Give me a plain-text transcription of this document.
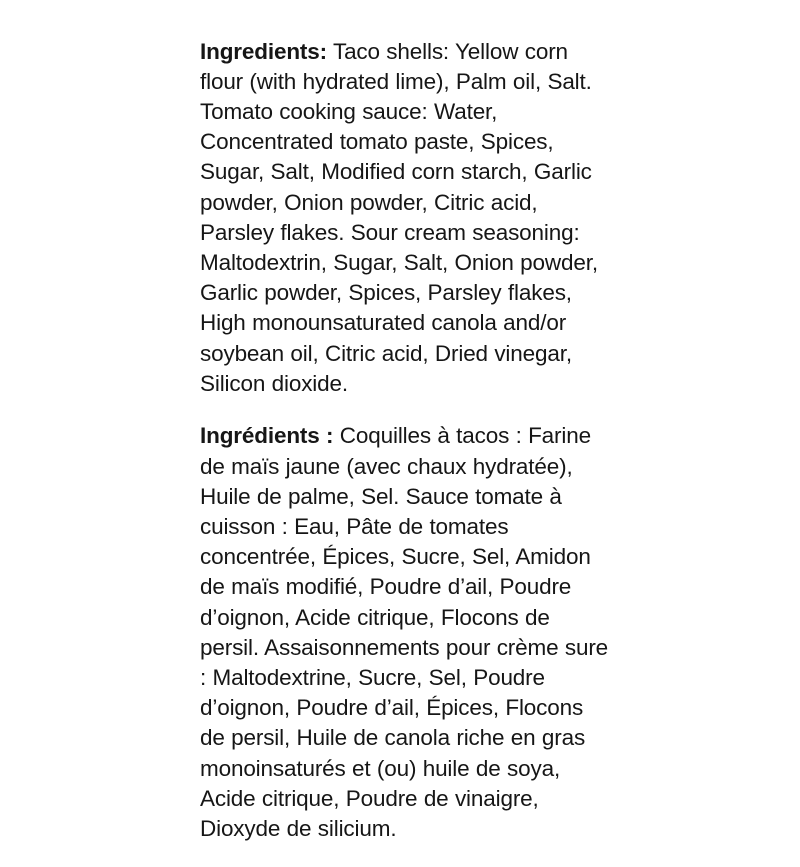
Ingredients: Taco shells: Yellow corn flour (with hydrated lime), Palm oil, Salt. Tomato cooking sauce: Water, Concentrated tomato paste, Spices, Sugar, Salt, Modified corn starch, Garlic powder, Onion powder, Citric acid, Parsley flakes. Sour cream seasoning: Maltodextrin, Sugar, Salt, Onion powder, Garlic powder, Spices, Parsley flakes, High monounsaturated canola and/or soybean oil, Citric acid, Dried vinegar, Silicon dioxide.

Ingrédients : Coquilles à tacos : Farine de maïs jaune (avec chaux hydratée), Huile de palme, Sel. Sauce tomate à cuisson : Eau, Pâte de tomates concentrée, Épices, Sucre, Sel, Amidon de maïs modifié, Poudre d’ail, Poudre d’oignon, Acide citrique, Flocons de persil. Assaisonnements pour crème sure : Maltodextrine, Sucre, Sel, Poudre d’oignon, Poudre d’ail, Épices, Flocons de persil, Huile de canola riche en gras monoinsaturés et (ou) huile de soya, Acide citrique, Poudre de vinaigre, Dioxyde de silicium.
